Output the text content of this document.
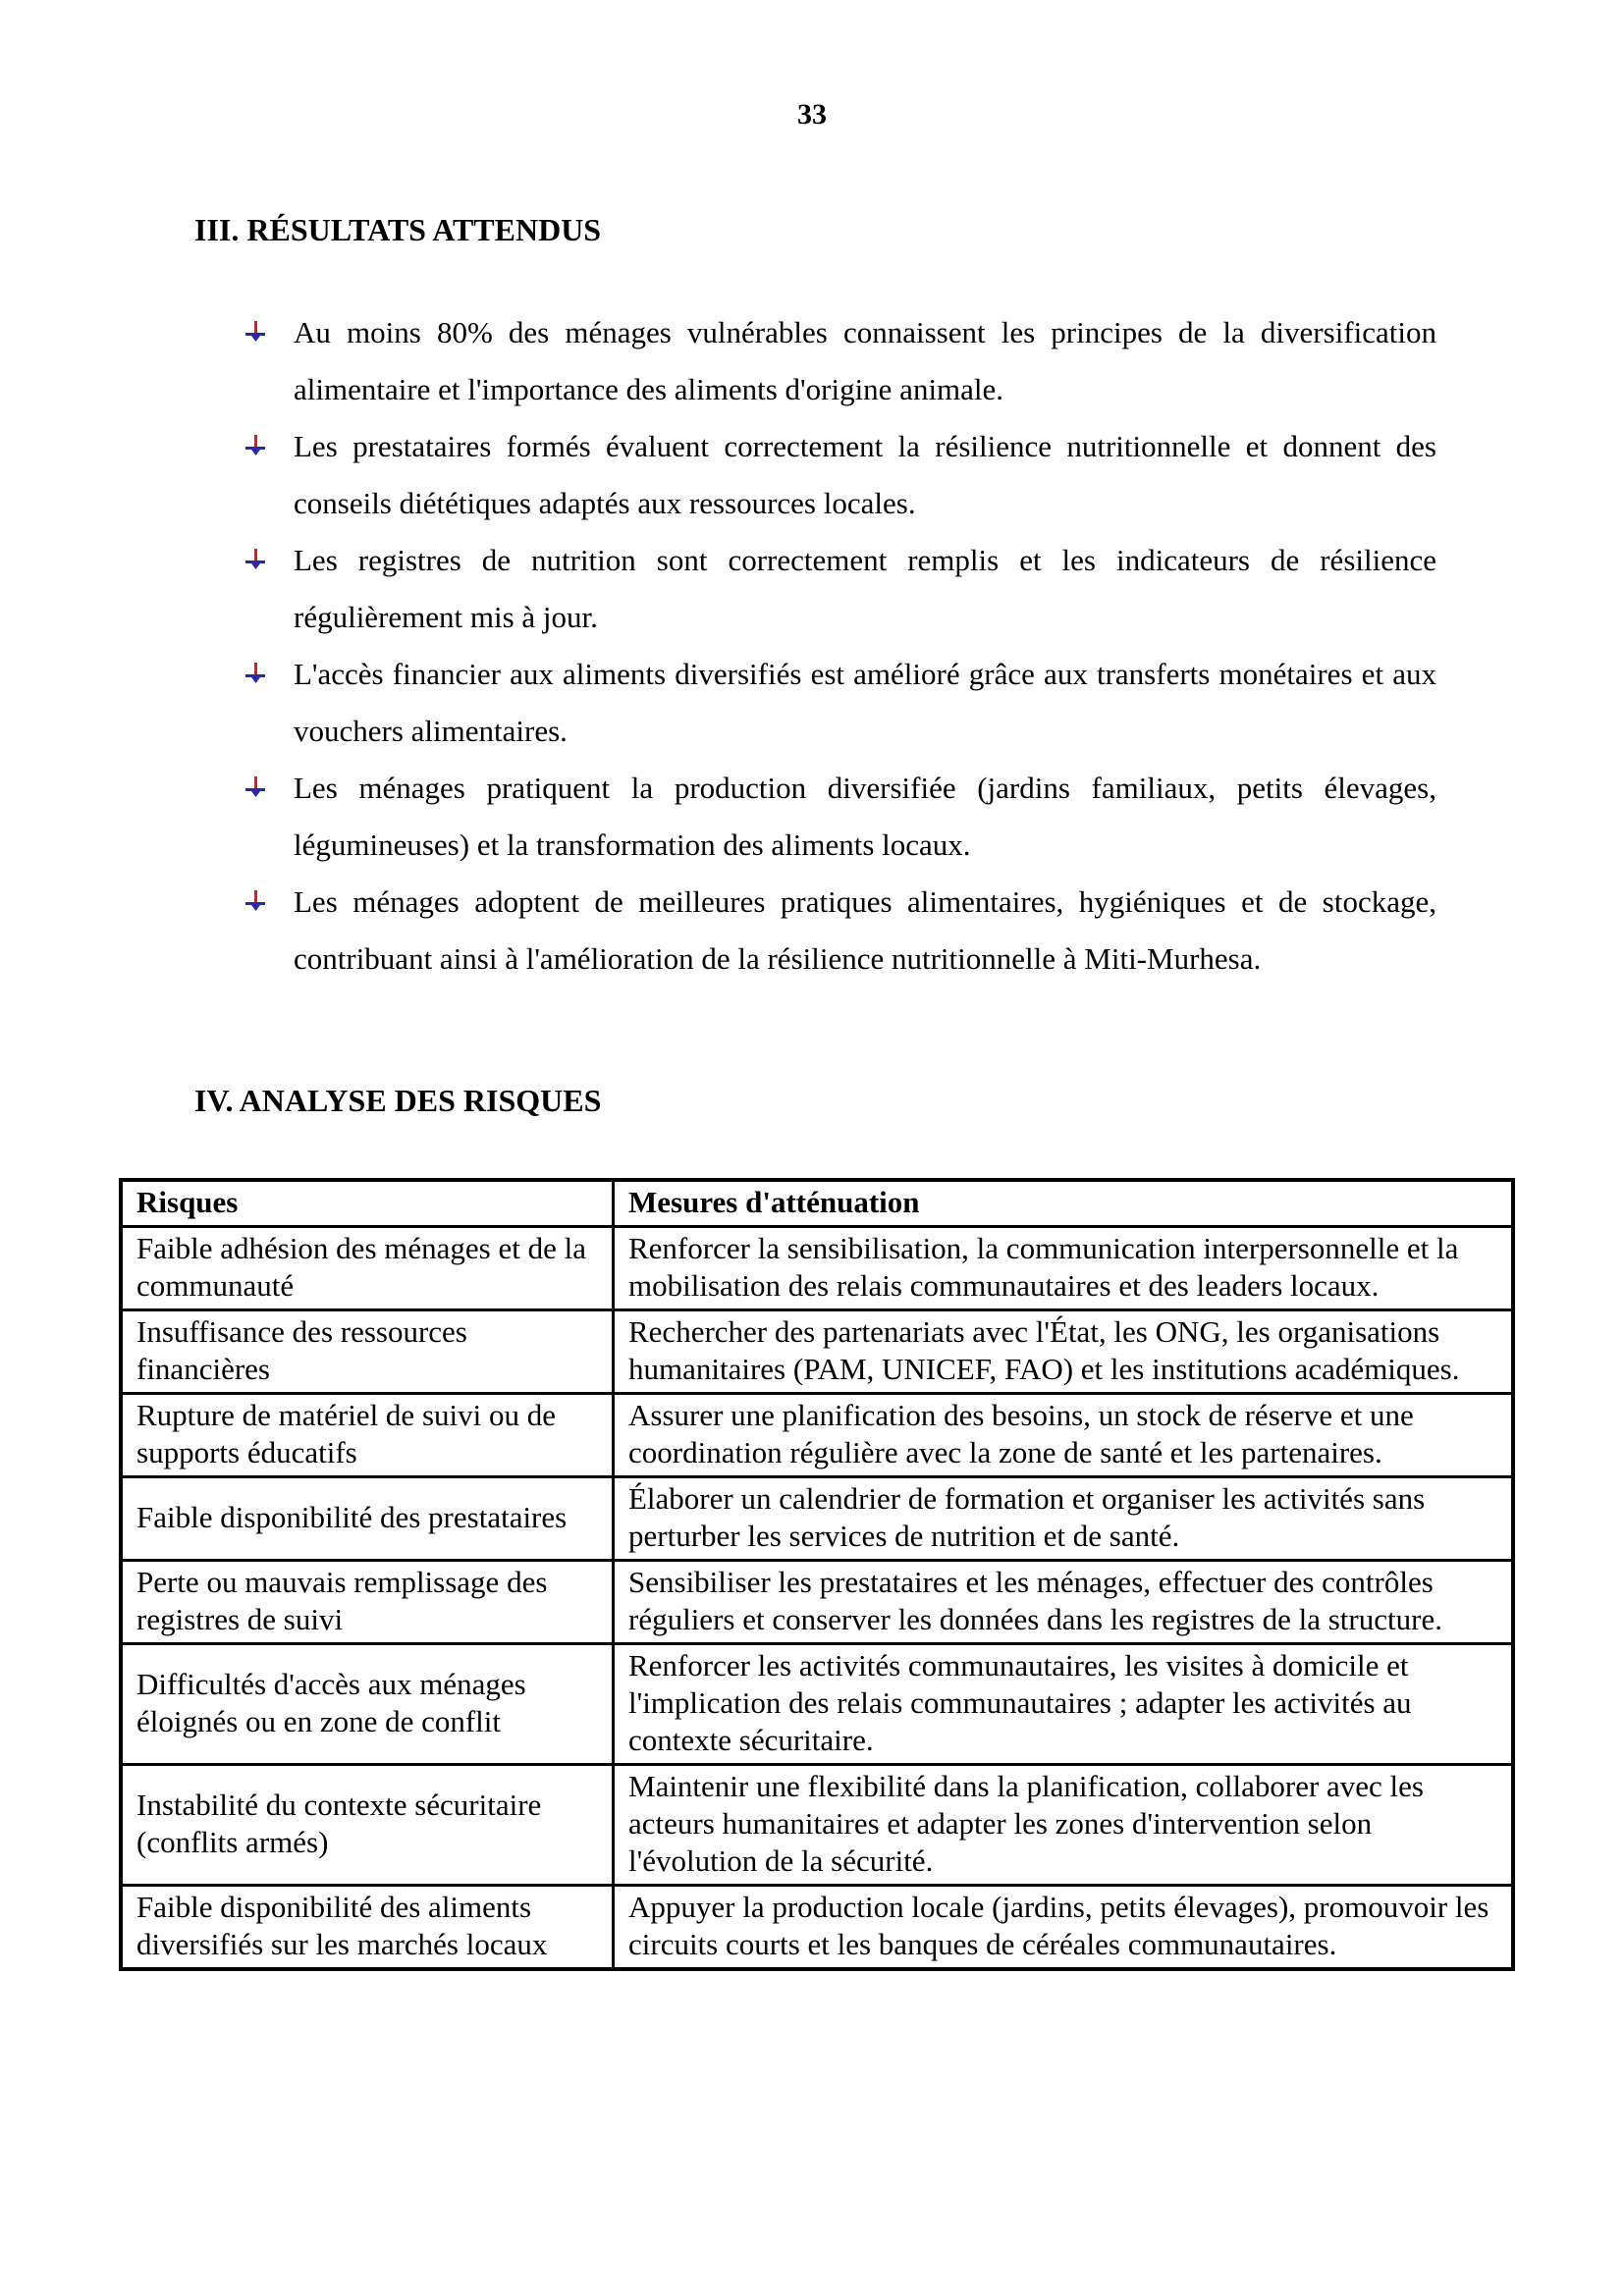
33
III. RÉSULTATS ATTENDUS
Au moins 80% des ménages vulnérables connaissent les principes de la diversification alimentaire et l'importance des aliments d'origine animale.
Les prestataires formés évaluent correctement la résilience nutritionnelle et donnent des conseils diététiques adaptés aux ressources locales.
Les registres de nutrition sont correctement remplis et les indicateurs de résilience régulièrement mis à jour.
L'accès financier aux aliments diversifiés est amélioré grâce aux transferts monétaires et aux vouchers alimentaires.
Les ménages pratiquent la production diversifiée (jardins familiaux, petits élevages, légumineuses) et la transformation des aliments locaux.
Les ménages adoptent de meilleures pratiques alimentaires, hygiéniques et de stockage, contribuant ainsi à l'amélioration de la résilience nutritionnelle à Miti-Murhesa.
IV. ANALYSE DES RISQUES
Risques	Mesures d'atténuation
Faible adhésion des ménages et de la communauté	Renforcer la sensibilisation, la communication interpersonnelle et la mobilisation des relais communautaires et des leaders locaux.
Insuffisance des ressources financières	Rechercher des partenariats avec l'État, les ONG, les organisations humanitaires (PAM, UNICEF, FAO) et les institutions académiques.
Rupture de matériel de suivi ou de supports éducatifs	Assurer une planification des besoins, un stock de réserve et une coordination régulière avec la zone de santé et les partenaires.
Faible disponibilité des prestataires	Élaborer un calendrier de formation et organiser les activités sans perturber les services de nutrition et de santé.
Perte ou mauvais remplissage des registres de suivi	Sensibiliser les prestataires et les ménages, effectuer des contrôles réguliers et conserver les données dans les registres de la structure.
Difficultés d'accès aux ménages éloignés ou en zone de conflit	Renforcer les activités communautaires, les visites à domicile et l'implication des relais communautaires ; adapter les activités au contexte sécuritaire.
Instabilité du contexte sécuritaire (conflits armés)	Maintenir une flexibilité dans la planification, collaborer avec les acteurs humanitaires et adapter les zones d'intervention selon l'évolution de la sécurité.
Faible disponibilité des aliments diversifiés sur les marchés locaux	Appuyer la production locale (jardins, petits élevages), promouvoir les circuits courts et les banques de céréales communautaires.
